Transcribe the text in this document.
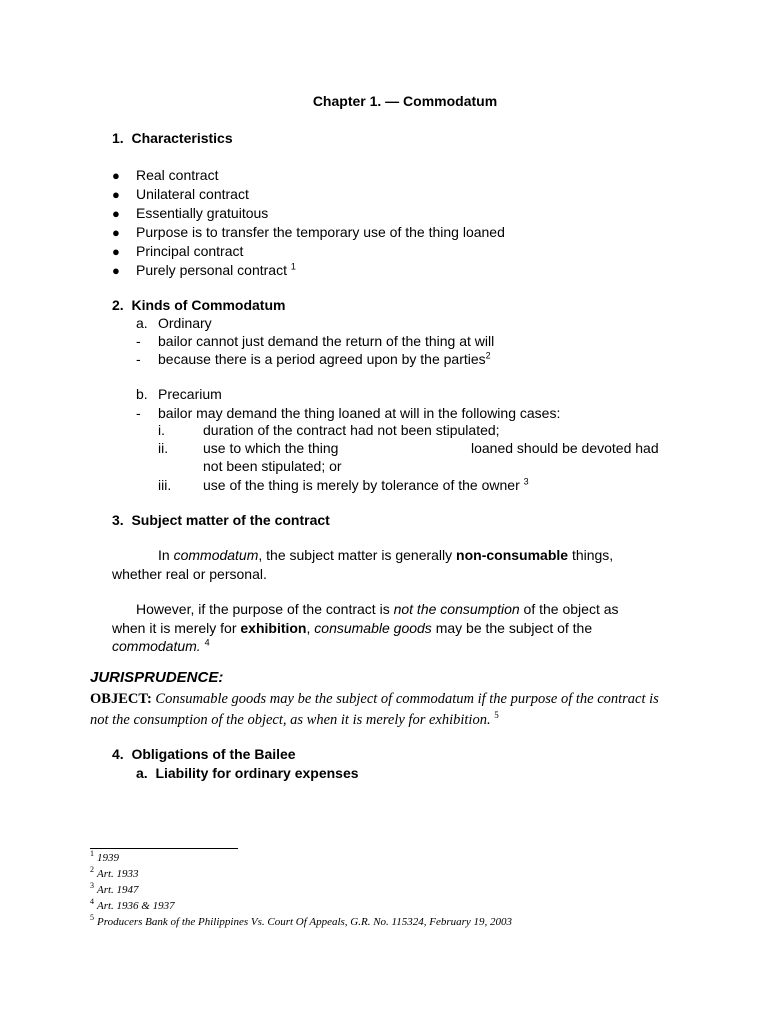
Chapter 1. — Commodatum
1.  Characteristics
● Real contract
● Unilateral contract
● Essentially gratuitous
● Purpose is to transfer the temporary use of the thing loaned
● Principal contract
● Purely personal contract $^1$
2.  Kinds of Commodatum
a. Ordinary
- bailor cannot just demand the return of the thing at will
- because there is a period agreed upon by the parties$^2$
b. Precarium
- bailor may demand the thing loaned at will in the following cases:
i.	duration of the contract had not been stipulated;
ii. use to which the thing	loaned should be devoted had
not been stipulated; or
iii. use of the thing is merely by tolerance of the owner $^3$
3.  Subject matter of the contract
In commodatum, the subject matter is generally non-consumable things,
whether real or personal.
However, if the purpose of the contract is not the consumption of the object as
when it is merely for exhibition, consumable goods may be the subject of the
commodatum. $^4$
JURISPRUDENCE:
OBJECT: Consumable goods may be the subject of commodatum if the purpose of the contract is not the consumption of the object, as when it is merely for exhibition. $^5$
4.  Obligations of the Bailee
a.  Liability for ordinary expenses
$^1$ 1939
$^2$ Art. 1933
$^3$ Art. 1947
$^4$ Art. 1936 & 1937
$^5$ Producers Bank of the Philippines Vs. Court Of Appeals, G.R. No. 115324, February 19, 2003
